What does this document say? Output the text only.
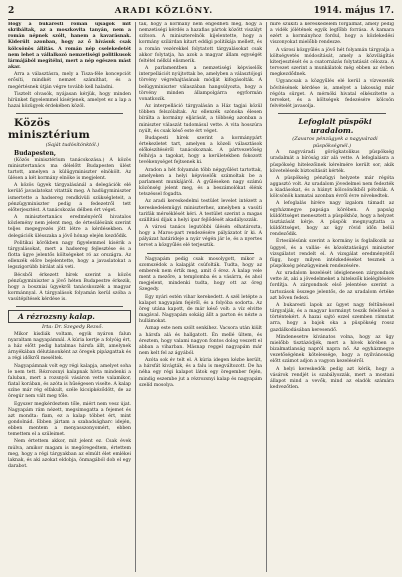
2	ARADI KÖZLÖNY.	1914. május 17.

Hogy a bukaresti román újságok mit skribáltak, az a moszkovita tanyán, nem a román népnek szólt, hanem a kavarásnak. Kiderült azonban, hogy az ő hívásuk csak kölcsönös állítás. A román nép cselekedetét nem lehet a vállalkozó nemzetiségi politikusok lármájából megítélni, mert a nép egészen mást akar.

Arra a választásra, mely a Tisza-féle koncepciót erősíti, mindkét nemzet számíthat, és a megértésnek útján végre tovább kell haladni.

Tisztelt olvasók, nyájasan kérjük, hogy minden hírünket figyelemmel kísérjenek, amelyet ez a lap a hazai közügyek érdekében közöl.

Közös minisztérium

(Saját tudósítónktól.)

Budapesten,

(Közös minisztérium tanácskozása.) A közös minisztertanács ma délelőtt Budapesten ülést tartott, amelyen a külügyminiszter elnökölt. Az ülésen a két kormány elnöke is megjelent.

A közös ügyek tárgyalásánál a delegációk elé kerülő javaslatokat vitatták meg. A hadügyminiszter ismertette a hadsereg rendkívüli szükségleteit, a pénzügyminiszter pedig a fedezetről tett előterjesztést. A tanácskozás délben ért véget.

A minisztertanács eredményéről hivatalos közlemény nem jelent meg, de értesülésünk szerint teljes megegyezés jött létre a kérdésekben. A delegációk ülésszaka a jövő hónap elején kezdődik.

Politikai körökben nagy figyelemmel kísérik a tárgyalásokat, mert a hadsereg fejlesztése és a flotta ügye jelentős költségeket ró az országra. Az ellenzék előre bejelentette, hogy a javaslatokat a legszigorúbb bírálat alá veti.

Bécsből érkezett hírek szerint a közös pénzügyminiszter a jövő héten Budapestre érkezik, hogy a boszniai ügyekről tanácskozzék a magyar kormánnyal. A tárgyalások folyamán kerül szóba a vasútépítések kérdése is.

A rézrozsny kalap.

Irta: Dr. Szegedy Rezső.

Mikor kisdiák voltam, egyik nyáron falun nyaraltam nagyapámnál. A kúria kertje a folyóig ért, a ház előtt pedig hatalmas hársfa állt, amelynek árnyékában délutánonként az öregek pipázgattak és a régi időkről meséltek.

Nagyapámnak volt egy régi kalapja, amelyet soha le nem tett. Rézrozsnyi kalapnak hívta mindenki a faluban, mert a rozsnyói vásáron vette valamikor, fiatal korában, és azóta is hűségesen viselte. A kalap színe már rég elfakult, széle kicsipkéződött, de az öregúr nem vált meg tőle.

Egyszer megkérdeztem tőle, miért nem vesz újat. Nagyapám rám nézett, megsimogatta a fejemet és azt mondta: fiam, ez a kalap többet ért, mint gondolnád. Ebben jártam a szabadságharc idején, ebben mentem a menyasszonyomért, ebben temettem el a szüleimet.

Nem értettem akkor, mit jelent ez. Csak évek múlva, amikor magam is megöregedtem, értettem meg, hogy a régi tárgyakban az elmúlt élet emlékei laknak, és aki azokat eldobja, önmagából dob el egy darabot.

tak, hogy a kormány nem engedheti meg, hogy a nemzetiségi kérdés a hazafias pártok között viszályt szítson. A miniszterelnök kijelentette, hogy a kormány szilárdan kitart eddigi politikája mellett, és a román vezérekkel folytatott tárgyalásokat csak akkor folytatja, ha azok a magyar állam egységét feltétel nélkül elismerik.

A parlamentben a nemzetiségi képviselők interpellációt nyújtottak be, amelyben a választójogi törvény végrehajtásának módját kifogásolták. A belügyminiszter válaszában hangsúlyozta, hogy a törvény minden állampolgárra egyformán vonatkozik.

Az interpelláció tárgyalásán a Ház tagjai közül többen felszólaltak. Az ellenzék szónoka élesen bírálta a kormány eljárását, a többség azonban a miniszter válaszát tudomásul vette. A vita hosszúra nyúlt, és csak késő este ért véget.

Budapesti hírek szerint a kormánypárt értekezletet tart, amelyen a közeli választások előkészítéséről tanácskoznak. A pártvezetőség felhívja a tagokat, hogy a kerületekben fokozott tevékenységet fejtsenek ki.

Aradon a hét folyamán több népgyűlést tartottak, amelyeken a helyi képviselők számoltak be a parlament munkájáról. A gyűléseken nagy számú közönség jelent meg, és a beszámolókat élénk tetszéssel fogadta.

Az aradi kereskedelmi testület levelet intézett a kereskedelemügyi miniszterhez, amelyben a vasúti tarifák mérséklését kéri. A testület szerint a magas szállítási díjak a helyi ipar fejlődését akadályozzák.

A városi tanács legutóbbi ülésén elhatározta, hogy a Maros-part rendezésére pályázatot ír ki. A pályázat határideje a nyár végén jár le, és a nyertes tervet a közgyűlés elé terjesztik.

Nagyapám pedig csak mosolygott, mikor a szomszédok a kalapját csúfolták. Tudta, hogy az emberek nem értik meg, amit ő érez. A kalap vele ment a mezőre, a templomba és a vásárra, és ahol megjelent, mindenki tudta, hogy ott az öreg Szegedy.

Egy nyári estén vihar kerekedett. A szél letépte a kalapot nagyapám fejéről, és a folyóba sodorta. Az öreg utána kapott, de már késő volt: a víz elvitte magával. Nagyapám sokáig állt a parton és nézte a hullámokat.

Aznap este nem szólt senkihez. Vacsora után kiült a hársfa alá és hallgatott. Én mellé ültem, és éreztem, hogy valami nagyon fontos dolog veszett el abban a viharban. Másnap reggel nagyapám már nem kelt fel az ágyából.

Azóta sok év telt el. A kúria idegen kézbe került, a hársfát kivágták, és a falu is megváltozott. De ha néha egy régi kalapot látok egy öregember fején, mindig eszembe jut a rézrozsnyi kalap és nagyapám szelíd mosolya.

mire szűkíti a kereskedelem forgalmát, amely pedig a vidék jólétének egyik legfőbb forrása. A kamara ezért a kormányhoz fordul, hogy a közlekedési viszonyokat mielőbb rendezze.

A városi közgyűlés a jövő hét folyamán tárgyalja a költségvetés módosítását, amely a közvilágítás kiterjesztését és a csatornázás folytatását célozza. A tervezet szerint a munkálatok még ebben az évben megkezdődnek.

Ugyancsak a közgyűlés elé kerül a vízvezeték bővítésének kérdése is, amelyet a lakosság már régóta sürget. A mérnöki hivatal elkészítette a terveket, és a költségek fedezésére kölcsön felvételét javasolja.

Lefoglalt püspöki uradalom.

(Zavaros pénzügyek a nagyváradi püspökségnél.)

A nagyváradi görögkatolikus püspökség uradalmát a bíróság zár alá vette. A lefoglalásra a püspökség hitelezőinek kérelmére került sor, akik követeléseik biztosítását kérték.

A püspökség pénzügyi helyzete már régóta aggasztó volt. Az uradalom jövedelmei nem fedezték a kiadásokat, és a hiányt kölcsönökből pótolták. A kölcsönök kamatai azonban évről évre növekedtek.

A lefoglalás hírére nagy izgalom támadt az egyházmegye papsága körében. A papság küldöttséget menesztett a püspökhöz, hogy a helyzet tisztázását kérje. A püspök megnyugtatta a küldöttséget, hogy az ügy rövid időn belül rendeződik.

Értesülésünk szerint a kormány is foglalkozik az üggyel, és a vallás- és közoktatásügyi miniszter vizsgálatot rendelt el. A vizsgálat eredményétől függ, hogy milyen intézkedéseket tesznek a püspökség pénzügyeinek rendezésére.

Az uradalom kezelését ideiglenesen zárgondnok vette át, aki a jövedelmeket a hitelezők kielégítésére fordítja. A zárgondnok első jelentése szerint a tartozások összege jelentős, de az uradalom értéke azt bőven fedezi.

A bukaresti lapok az ügyet nagy feltűnéssel tárgyalják, és a magyar kormányt teszik felelőssé a történtekért. A hazai sajtó ezzel szemben rámutat arra, hogy a bajok oka a püspökség rossz gazdálkodásában keresendő.

Mindenesetre kívánatos volna, hogy az ügy mielőbb tisztázódjék, mert a hívek körében a bizalmatlanság napról napra nő. Az egyházmegye vezetőségének kötelessége, hogy a nyilvánosság előtt számot adjon a vagyon kezeléséről.

A helyi kereskedők pedig azt kérik, hogy a vásárok rendjét is szabályozzák, mert a mostani állapot mind a vevők, mind az eladók számára kedvezőtlen.
